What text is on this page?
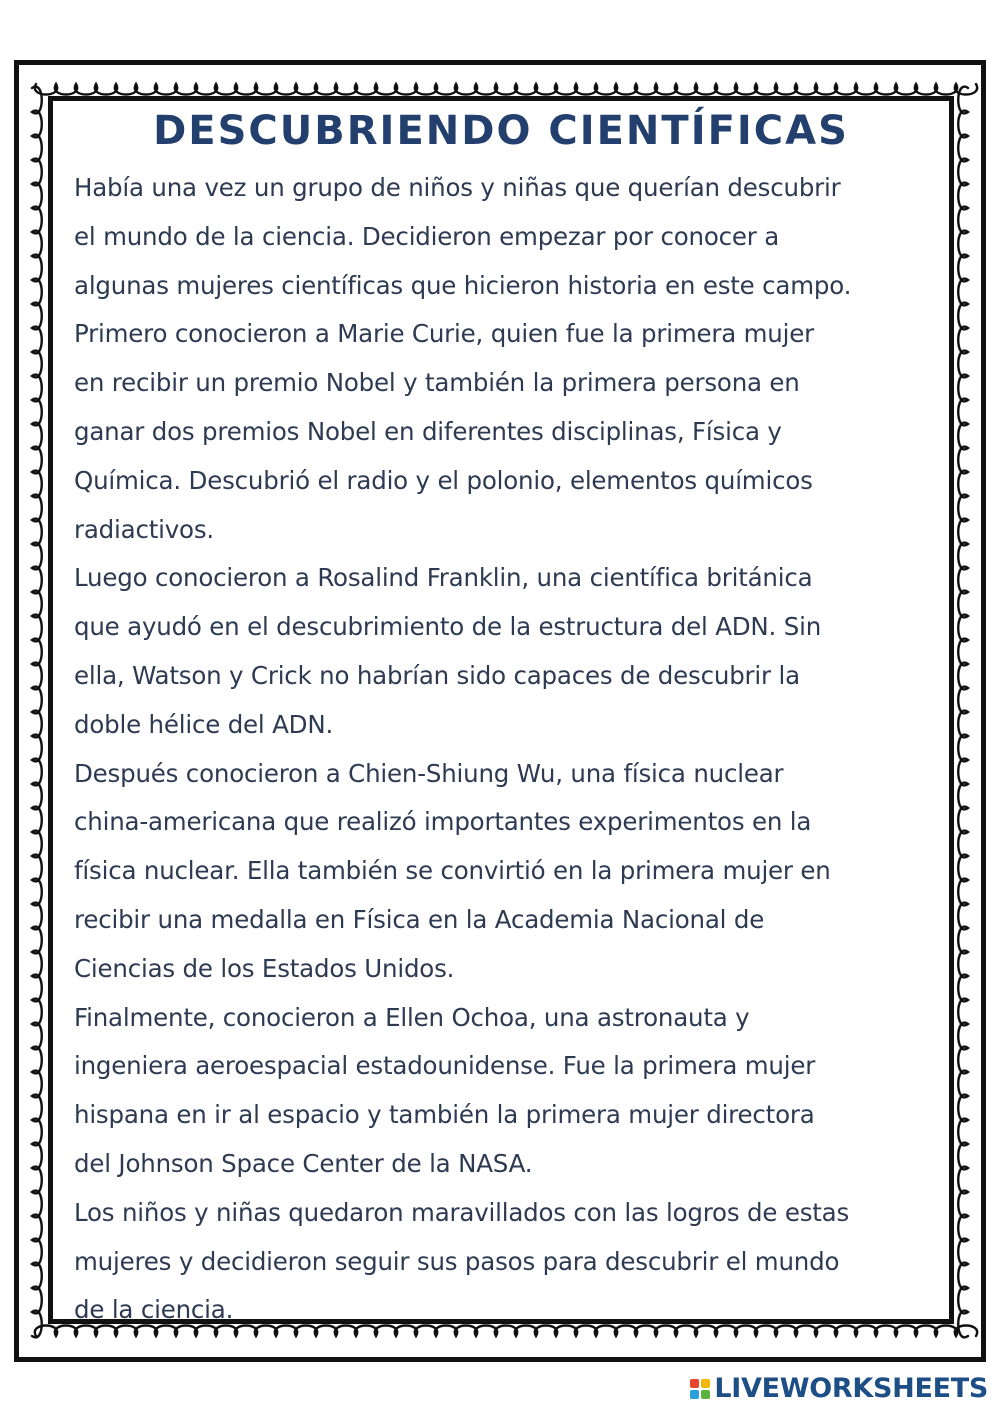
DESCUBRIENDO CIENTÍFICAS
Había una vez un grupo de niños y niñas que querían descubrir
el mundo de la ciencia. Decidieron empezar por conocer a
algunas mujeres científicas que hicieron historia en este campo.
Primero conocieron a Marie Curie, quien fue la primera mujer
en recibir un premio Nobel y también la primera persona en
ganar dos premios Nobel en diferentes disciplinas, Física y
Química. Descubrió el radio y el polonio, elementos químicos
radiactivos.
Luego conocieron a Rosalind Franklin, una científica británica
que ayudó en el descubrimiento de la estructura del ADN. Sin
ella, Watson y Crick no habrían sido capaces de descubrir la
doble hélice del ADN.
Después conocieron a Chien-Shiung Wu, una física nuclear
china-americana que realizó importantes experimentos en la
física nuclear. Ella también se convirtió en la primera mujer en
recibir una medalla en Física en la Academia Nacional de
Ciencias de los Estados Unidos.
Finalmente, conocieron a Ellen Ochoa, una astronauta y
ingeniera aeroespacial estadounidense. Fue la primera mujer
hispana en ir al espacio y también la primera mujer directora
del Johnson Space Center de la NASA.
Los niños y niñas quedaron maravillados con las logros de estas
mujeres y decidieron seguir sus pasos para descubrir el mundo
de la ciencia.
LIVEWORKSHEETS
